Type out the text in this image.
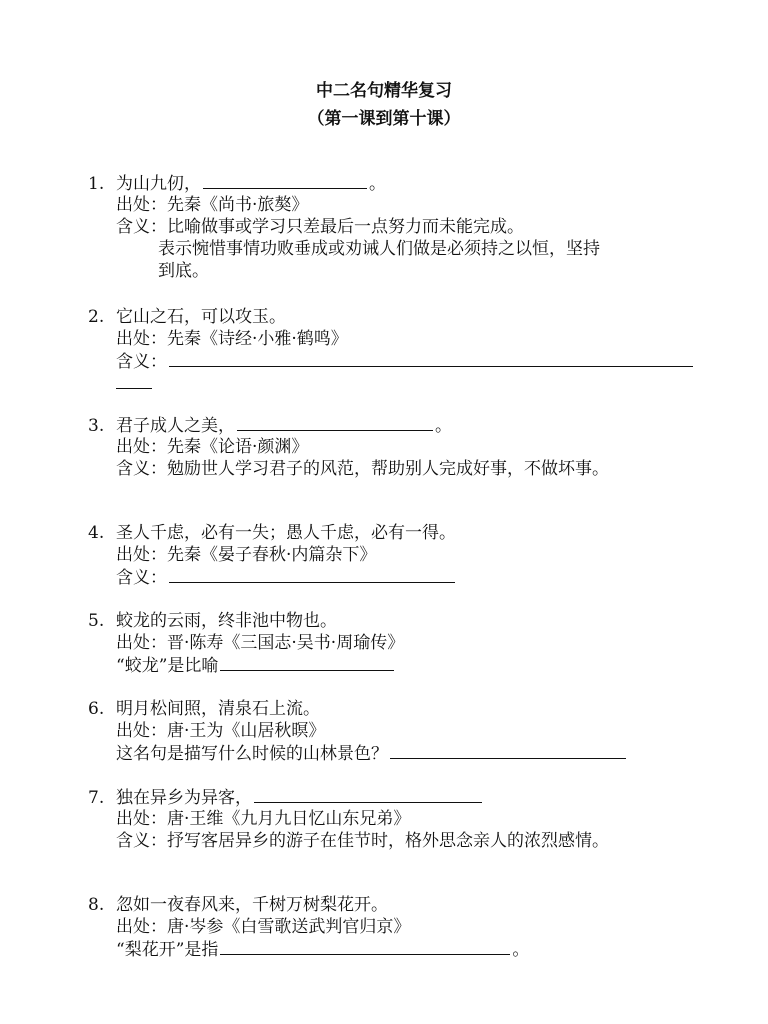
中二名句精华复习
（第一课到第十课）
1. 为山九仞，	。
出处：先秦《尚书·旅獒》
含义：比喻做事或学习只差最后一点努力而未能完成。
表示惋惜事情功败垂成或劝诫人们做是必须持之以恒，坚持
到底。
2. 它山之石，可以攻玉。
出处：先秦《诗经·小雅·鹤鸣》
含义：
3. 君子成人之美，	。
出处：先秦《论语·颜渊》
含义：勉励世人学习君子的风范，帮助别人完成好事，不做坏事。
4. 圣人千虑，必有一失；愚人千虑，必有一得。
出处：先秦《晏子春秋·内篇杂下》
含义：
5. 蛟龙的云雨，终非池中物也。
出处：晋·陈寿《三国志·吴书·周瑜传》
“蛟龙”是比喻
6. 明月松间照，清泉石上流。
出处：唐·王为《山居秋暝》
这名句是描写什么时候的山林景色？
7. 独在异乡为异客，
出处：唐·王维《九月九日忆山东兄弟》
含义：抒写客居异乡的游子在佳节时，格外思念亲人的浓烈感情。
8. 忽如一夜春风来，千树万树梨花开。
出处：唐·岑参《白雪歌送武判官归京》
“梨花开”是指	。
